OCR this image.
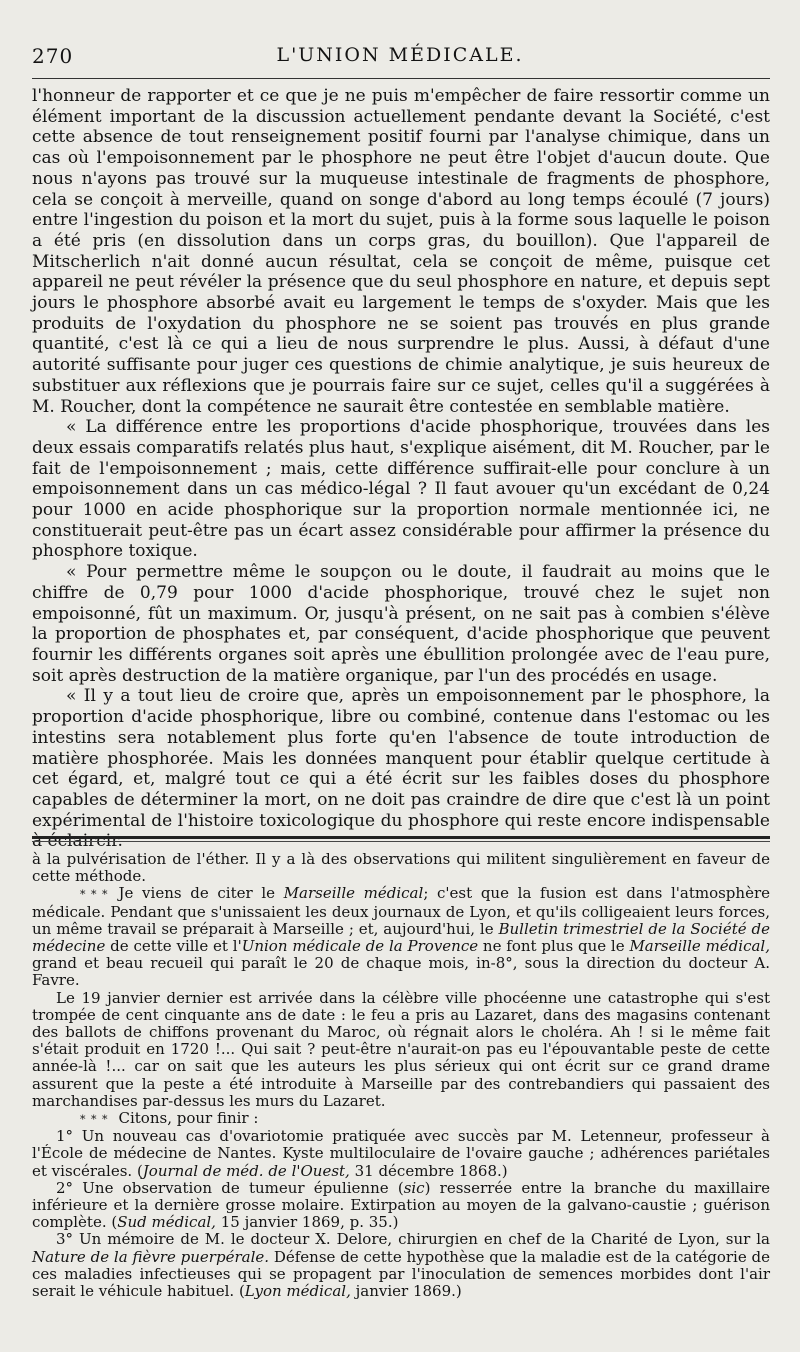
270	L'UNION MÉDICALE.

l'honneur de rapporter et ce que je ne puis m'empêcher de faire ressortir comme un élément important de la discussion actuellement pendante devant la Société, c'est cette absence de tout renseignement positif fourni par l'analyse chimique, dans un cas où l'empoisonnement par le phosphore ne peut être l'objet d'aucun doute. Que nous n'ayons pas trouvé sur la muqueuse intestinale de fragments de phosphore, cela se conçoit à merveille, quand on songe d'abord au long temps écoulé (7 jours) entre l'ingestion du poison et la mort du sujet, puis à la forme sous laquelle le poison a été pris (en dissolution dans un corps gras, du bouillon). Que l'appareil de Mitscherlich n'ait donné aucun résultat, cela se conçoit de même, puisque cet appareil ne peut révéler la présence que du seul phosphore en nature, et depuis sept jours le phosphore absorbé avait eu largement le temps de s'oxyder. Mais que les produits de l'oxydation du phosphore ne se soient pas trouvés en plus grande quantité, c'est là ce qui a lieu de nous surprendre le plus. Aussi, à défaut d'une autorité suffisante pour juger ces questions de chimie analytique, je suis heureux de substituer aux réflexions que je pourrais faire sur ce sujet, celles qu'il a suggérées à M. Roucher, dont la compétence ne saurait être contestée en semblable matière.

« La différence entre les proportions d'acide phosphorique, trouvées dans les deux essais comparatifs relatés plus haut, s'explique aisément, dit M. Roucher, par le fait de l'empoisonnement ; mais, cette différence suffirait-elle pour conclure à un empoisonnement dans un cas médico-légal ? Il faut avouer qu'un excédant de 0,24 pour 1000 en acide phosphorique sur la proportion normale mentionnée ici, ne constituerait peut-être pas un écart assez considérable pour affirmer la présence du phosphore toxique.

« Pour permettre même le soupçon ou le doute, il faudrait au moins que le chiffre de 0,79 pour 1000 d'acide phosphorique, trouvé chez le sujet non empoisonné, fût un maximum. Or, jusqu'à présent, on ne sait pas à combien s'élève la proportion de phosphates et, par conséquent, d'acide phosphorique que peuvent fournir les différents organes soit après une ébullition prolongée avec de l'eau pure, soit après destruction de la matière organique, par l'un des procédés en usage.

« Il y a tout lieu de croire que, après un empoisonnement par le phosphore, la proportion d'acide phosphorique, libre ou combiné, contenue dans l'estomac ou les intestins sera notablement plus forte qu'en l'absence de toute introduction de matière phosphorée. Mais les données manquent pour établir quelque certitude à cet égard, et, malgré tout ce qui a été écrit sur les faibles doses du phosphore capables de déterminer la mort, on ne doit pas craindre de dire que c'est là un point expérimental de l'histoire toxicologique du phosphore qui reste encore indispensable à éclaircir.

à la pulvérisation de l'éther. Il y a là des observations qui militent singulièrement en faveur de cette méthode.

* * * Je viens de citer le Marseille médical; c'est que la fusion est dans l'atmosphère médicale. Pendant que s'unissaient les deux journaux de Lyon, et qu'ils colligeaient leurs forces, un même travail se préparait à Marseille ; et, aujourd'hui, le Bulletin trimestriel de la Société de médecine de cette ville et l'Union médicale de la Provence ne font plus que le Marseille médical, grand et beau recueil qui paraît le 20 de chaque mois, in-8°, sous la direction du docteur A. Favre.

Le 19 janvier dernier est arrivée dans la célèbre ville phocéenne une catastrophe qui s'est trompée de cent cinquante ans de date : le feu a pris au Lazaret, dans des magasins contenant des ballots de chiffons provenant du Maroc, où régnait alors le choléra. Ah ! si le même fait s'était produit en 1720 !... Qui sait ? peut-être n'aurait-on pas eu l'épouvantable peste de cette année-là !... car on sait que les auteurs les plus sérieux qui ont écrit sur ce grand drame assurent que la peste a été introduite à Marseille par des contrebandiers qui passaient des marchandises par-dessus les murs du Lazaret.

* * * Citons, pour finir :

1° Un nouveau cas d'ovariotomie pratiquée avec succès par M. Letenneur, professeur à l'École de médecine de Nantes. Kyste multiloculaire de l'ovaire gauche ; adhérences pariétales et viscérales. (Journal de méd. de l'Ouest, 31 décembre 1868.)

2° Une observation de tumeur épulienne (sic) resserrée entre la branche du maxillaire inférieure et la dernière grosse molaire. Extirpation au moyen de la galvano-caustie ; guérison complète. (Sud médical, 15 janvier 1869, p. 35.)

3° Un mémoire de M. le docteur X. Delore, chirurgien en chef de la Charité de Lyon, sur la Nature de la fièvre puerpérale. Défense de cette hypothèse que la maladie est de la catégorie de ces maladies infectieuses qui se propagent par l'inoculation de semences morbides dont l'air serait le véhicule habituel. (Lyon médical, janvier 1869.)
